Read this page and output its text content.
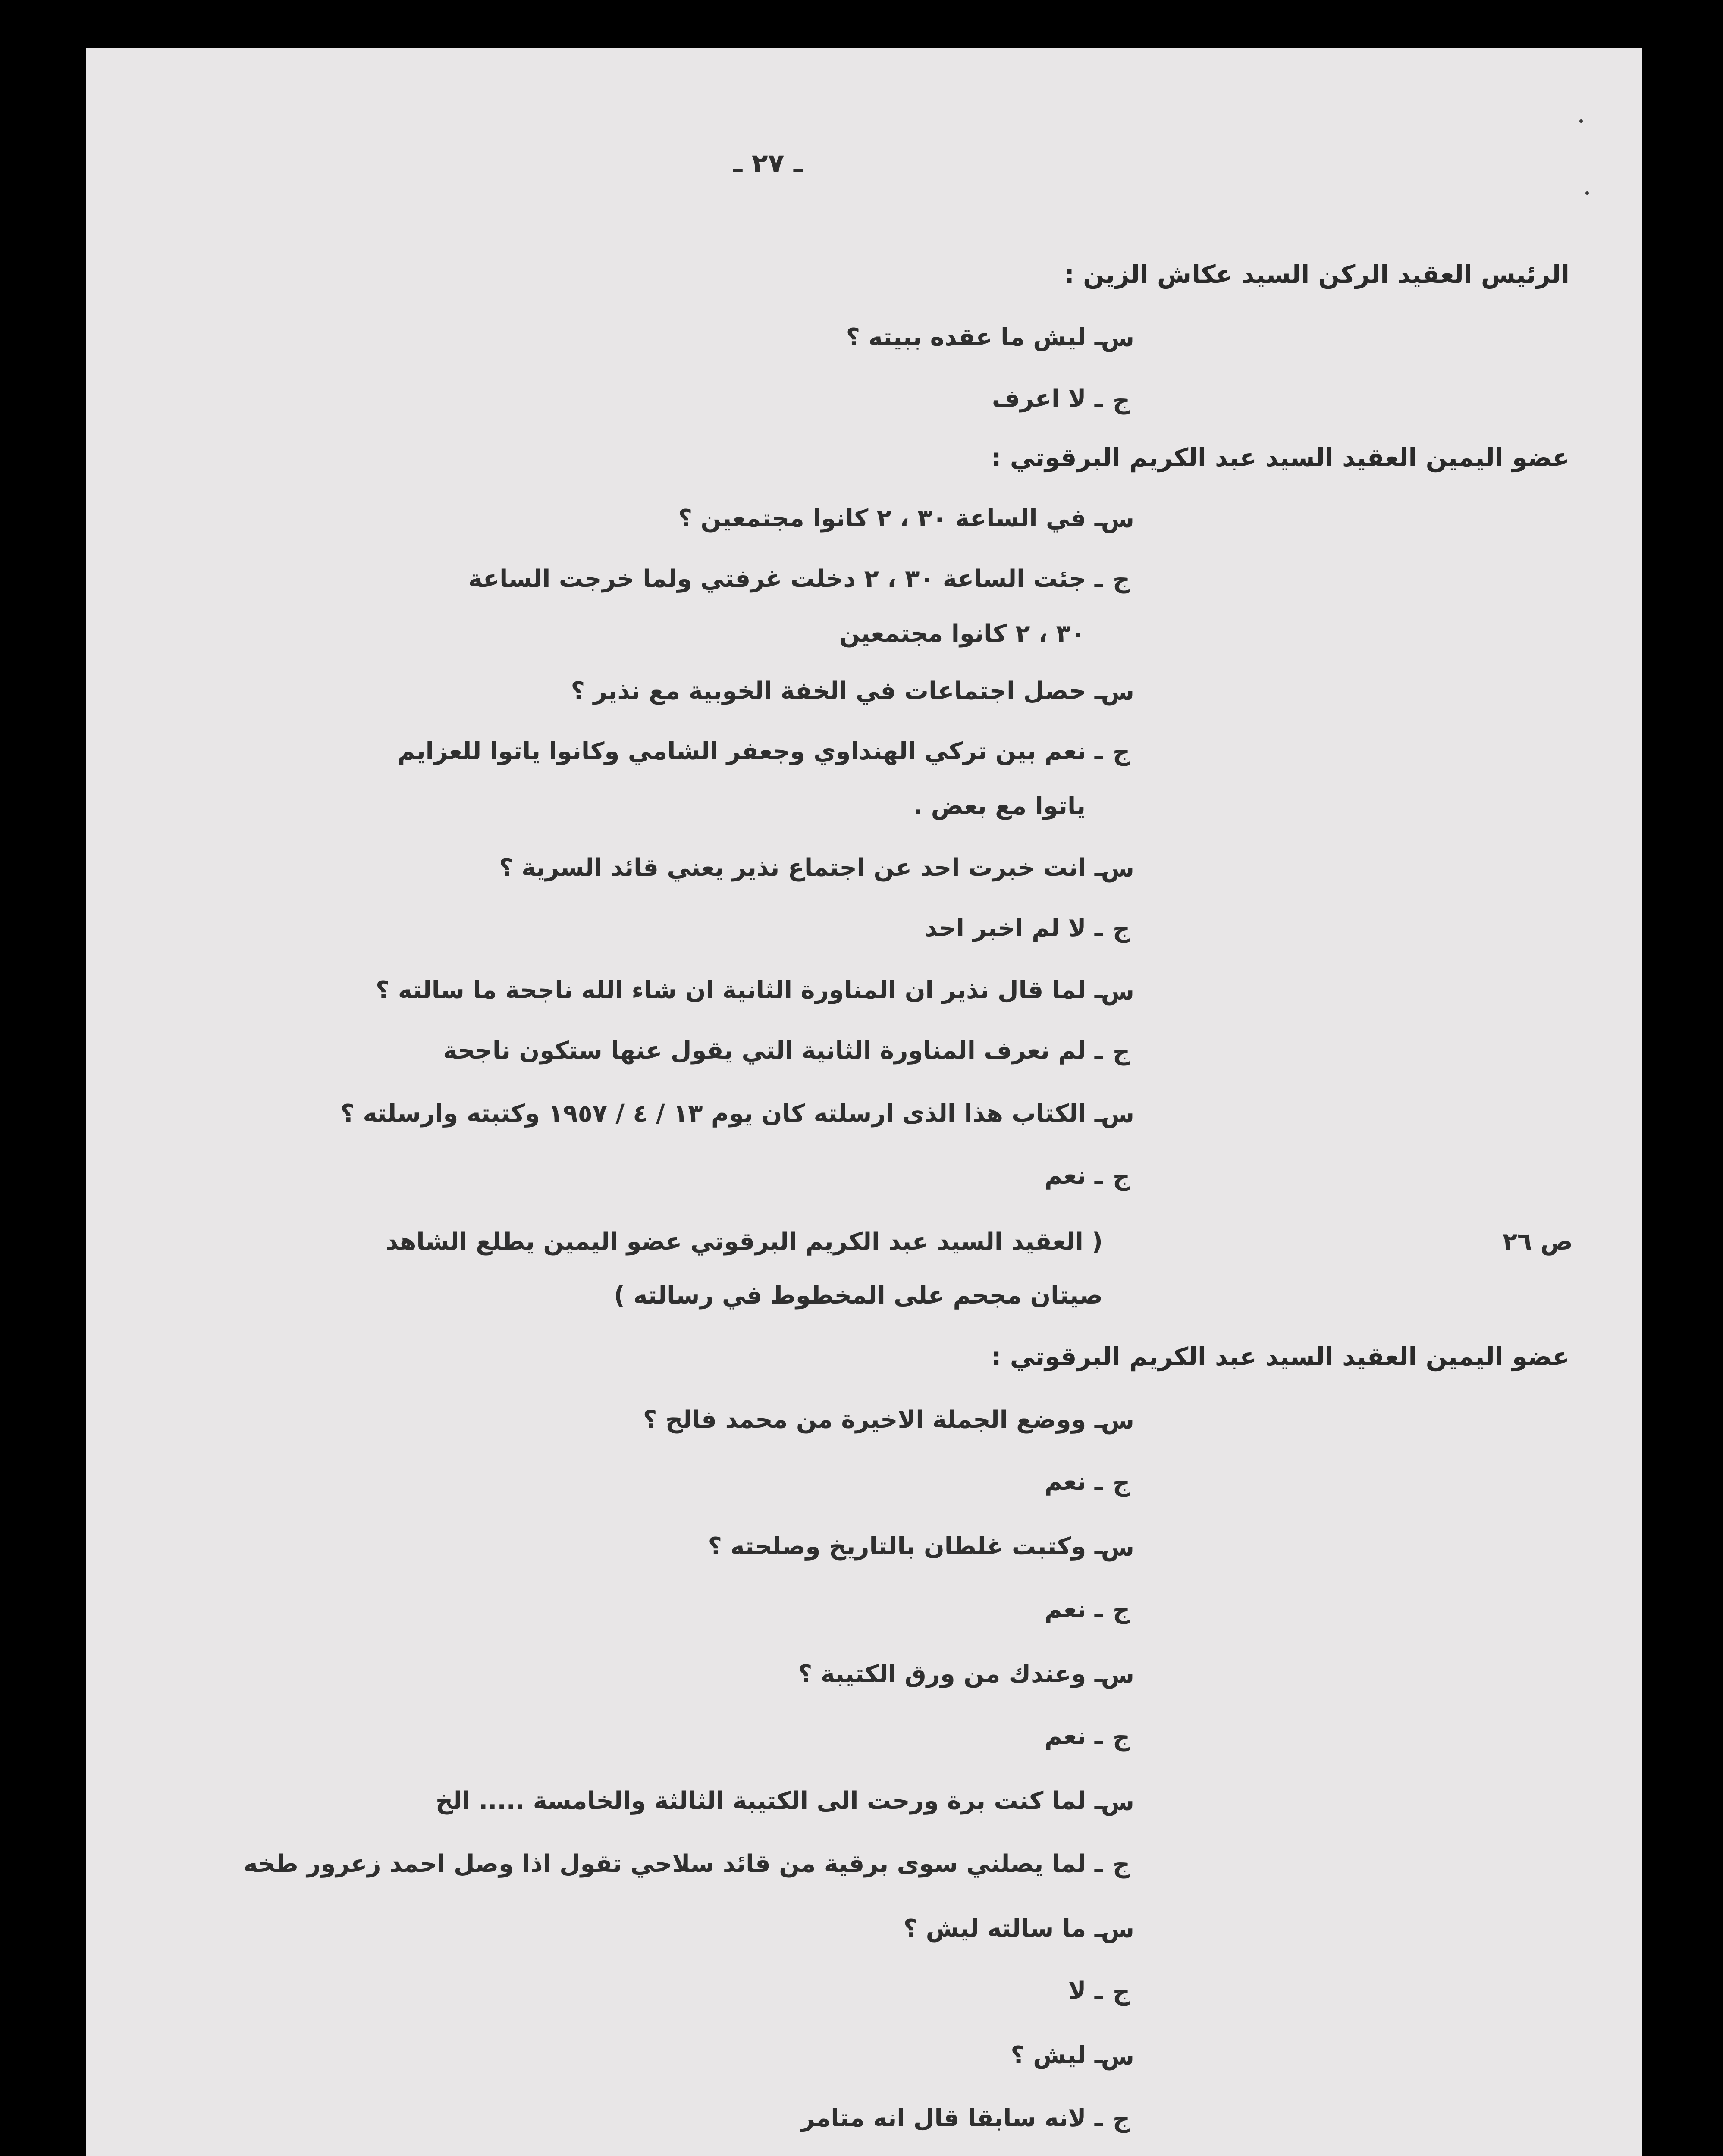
ـ ٢٧ ـ
الرئيس العقيد الركن السيد عكاش الزين :
س
ـ ليش ما عقده ببيته ؟
ج
ـ لا اعرف
عضو اليمين العقيد السيد عبد الكريم البرقوتي :
س
ـ في الساعة ٣٠ ، ٢ كانوا مجتمعين ؟
ج
ـ جئت الساعة ٣٠ ، ٢ دخلت غرفتي ولما خرجت الساعة
٣٠ ، ٢ كانوا مجتمعين
س
ـ حصل اجتماعات في الخفة الخوبية مع نذير ؟
ج
ـ نعم بين تركي الهنداوي وجعفر الشامي وكانوا ياتوا للعزايم
ياتوا مع بعض .
س
ـ انت خبرت احد عن اجتماع نذير يعني قائد السرية ؟
ج
ـ لا لم اخبر احد
س
ـ لما قال نذير ان المناورة الثانية ان شاء الله ناجحة ما سالته ؟
ج
ـ لم نعرف المناورة الثانية التي يقول عنها ستكون ناجحة
س
ـ الكتاب هذا الذى ارسلته كان يوم ١٣ / ٤ / ١٩٥٧ وكتبته وارسلته ؟
ج
ـ نعم
ص ٢٦
( العقيد السيد عبد الكريم البرقوتي عضو اليمين يطلع الشاهد
صيتان مجحم على المخطوط في رسالته )
عضو اليمين العقيد السيد عبد الكريم البرقوتي :
س
ـ ووضع الجملة الاخيرة من محمد فالح ؟
ج
ـ نعم
س
ـ وكتبت غلطان بالتاريخ وصلحته ؟
ج
ـ نعم
س
ـ وعندك من ورق الكتيبة ؟
ج
ـ نعم
س
ـ لما كنت برة ورحت الى الكتيبة الثالثة والخامسة ..... الخ
ج
ـ لما يصلني سوى برقية من قائد سلاحي تقول اذا وصل احمد زعرور طخه
س
ـ ما سالته ليش ؟
ج
ـ لا
س
ـ ليش ؟
ج
ـ لانه سابقا قال انه متامر
